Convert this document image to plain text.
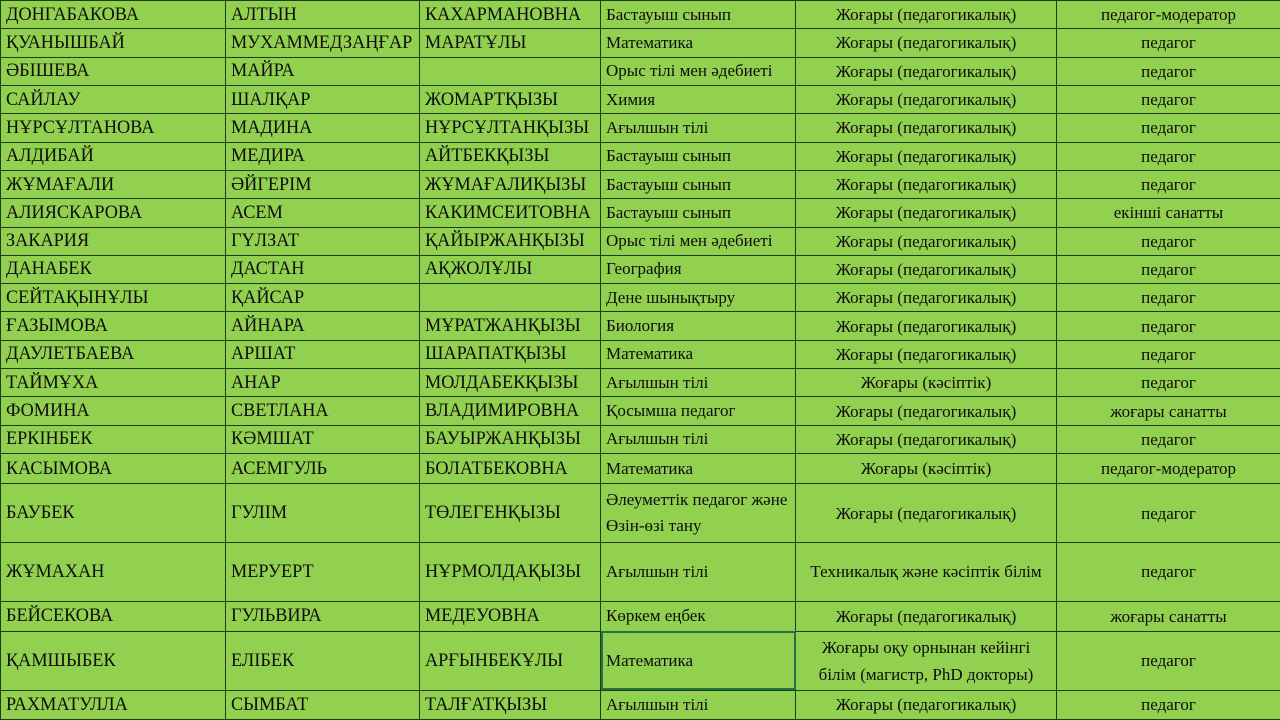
ДОНГАБАКОВА	АЛТЫН	КАХАРМАНОВНА	Бастауыш сынып	Жоғары (педагогикалық)	педагог-модератор
ҚУАНЫШБАЙ	МУХАММЕДЗАҢҒАР	МАРАТҰЛЫ	Математика	Жоғары (педагогикалық)	педагог
ӘБІШЕВА	МАЙРА		Орыс тілі мен әдебиеті	Жоғары (педагогикалық)	педагог
САЙЛАУ	ШАЛҚАР	ЖОМАРТҚЫЗЫ	Химия	Жоғары (педагогикалық)	педагог
НҰРСҰЛТАНОВА	МАДИНА	НҰРСҰЛТАНҚЫЗЫ	Ағылшын тілі	Жоғары (педагогикалық)	педагог
АЛДИБАЙ	МЕДИРА	АЙТБЕКҚЫЗЫ	Бастауыш сынып	Жоғары (педагогикалық)	педагог
ЖҰМАҒАЛИ	ӘЙГЕРІМ	ЖҰМАҒАЛИҚЫЗЫ	Бастауыш сынып	Жоғары (педагогикалық)	педагог
АЛИЯСКАРОВА	АСЕМ	КАКИМСЕИТОВНА	Бастауыш сынып	Жоғары (педагогикалық)	екінші санатты
ЗАКАРИЯ	ГҮЛЗАТ	ҚАЙЫРЖАНҚЫЗЫ	Орыс тілі мен әдебиеті	Жоғары (педагогикалық)	педагог
ДАНАБЕК	ДАСТАН	АҚЖОЛҰЛЫ	География	Жоғары (педагогикалық)	педагог
СЕЙТАҚЫНҰЛЫ	ҚАЙСАР		Дене шынықтыру	Жоғары (педагогикалық)	педагог
ҒАЗЫМОВА	АЙНАРА	МҰРАТЖАНҚЫЗЫ	Биология	Жоғары (педагогикалық)	педагог
ДАУЛЕТБАЕВА	АРШАТ	ШАРАПАТҚЫЗЫ	Математика	Жоғары (педагогикалық)	педагог
ТАЙМҰХА	АНАР	МОЛДАБЕКҚЫЗЫ	Ағылшын тілі	Жоғары (кәсіптік)	педагог
ФОМИНА	СВЕТЛАНА	ВЛАДИМИРОВНА	Қосымша педагог	Жоғары (педагогикалық)	жоғары санатты
ЕРКІНБЕК	КӘМШАТ	БАУЫРЖАНҚЫЗЫ	Ағылшын тілі	Жоғары (педагогикалық)	педагог
КАСЫМОВА	АСЕМГУЛЬ	БОЛАТБЕКОВНА	Математика	Жоғары (кәсіптік)	педагог-модератор
БАУБЕК	ГУЛІМ	ТӨЛЕГЕНҚЫЗЫ	Әлеуметтік педагог және Өзін-өзі тану	Жоғары (педагогикалық)	педагог
ЖҰМАХАН	МЕРУЕРТ	НҰРМОЛДАҚЫЗЫ	Ағылшын тілі	Техникалық және кәсіптік білім	педагог
БЕЙСЕКОВА	ГУЛЬВИРА	МЕДЕУОВНА	Көркем еңбек	Жоғары (педагогикалық)	жоғары санатты
ҚАМШЫБЕК	ЕЛІБЕК	АРҒЫНБЕКҰЛЫ	Математика	Жоғары оқу орнынан кейінгі білім (магистр, PhD докторы)	педагог
РАХМАТУЛЛА	СЫМБАТ	ТАЛҒАТҚЫЗЫ	Ағылшын тілі	Жоғары (педагогикалық)	педагог
